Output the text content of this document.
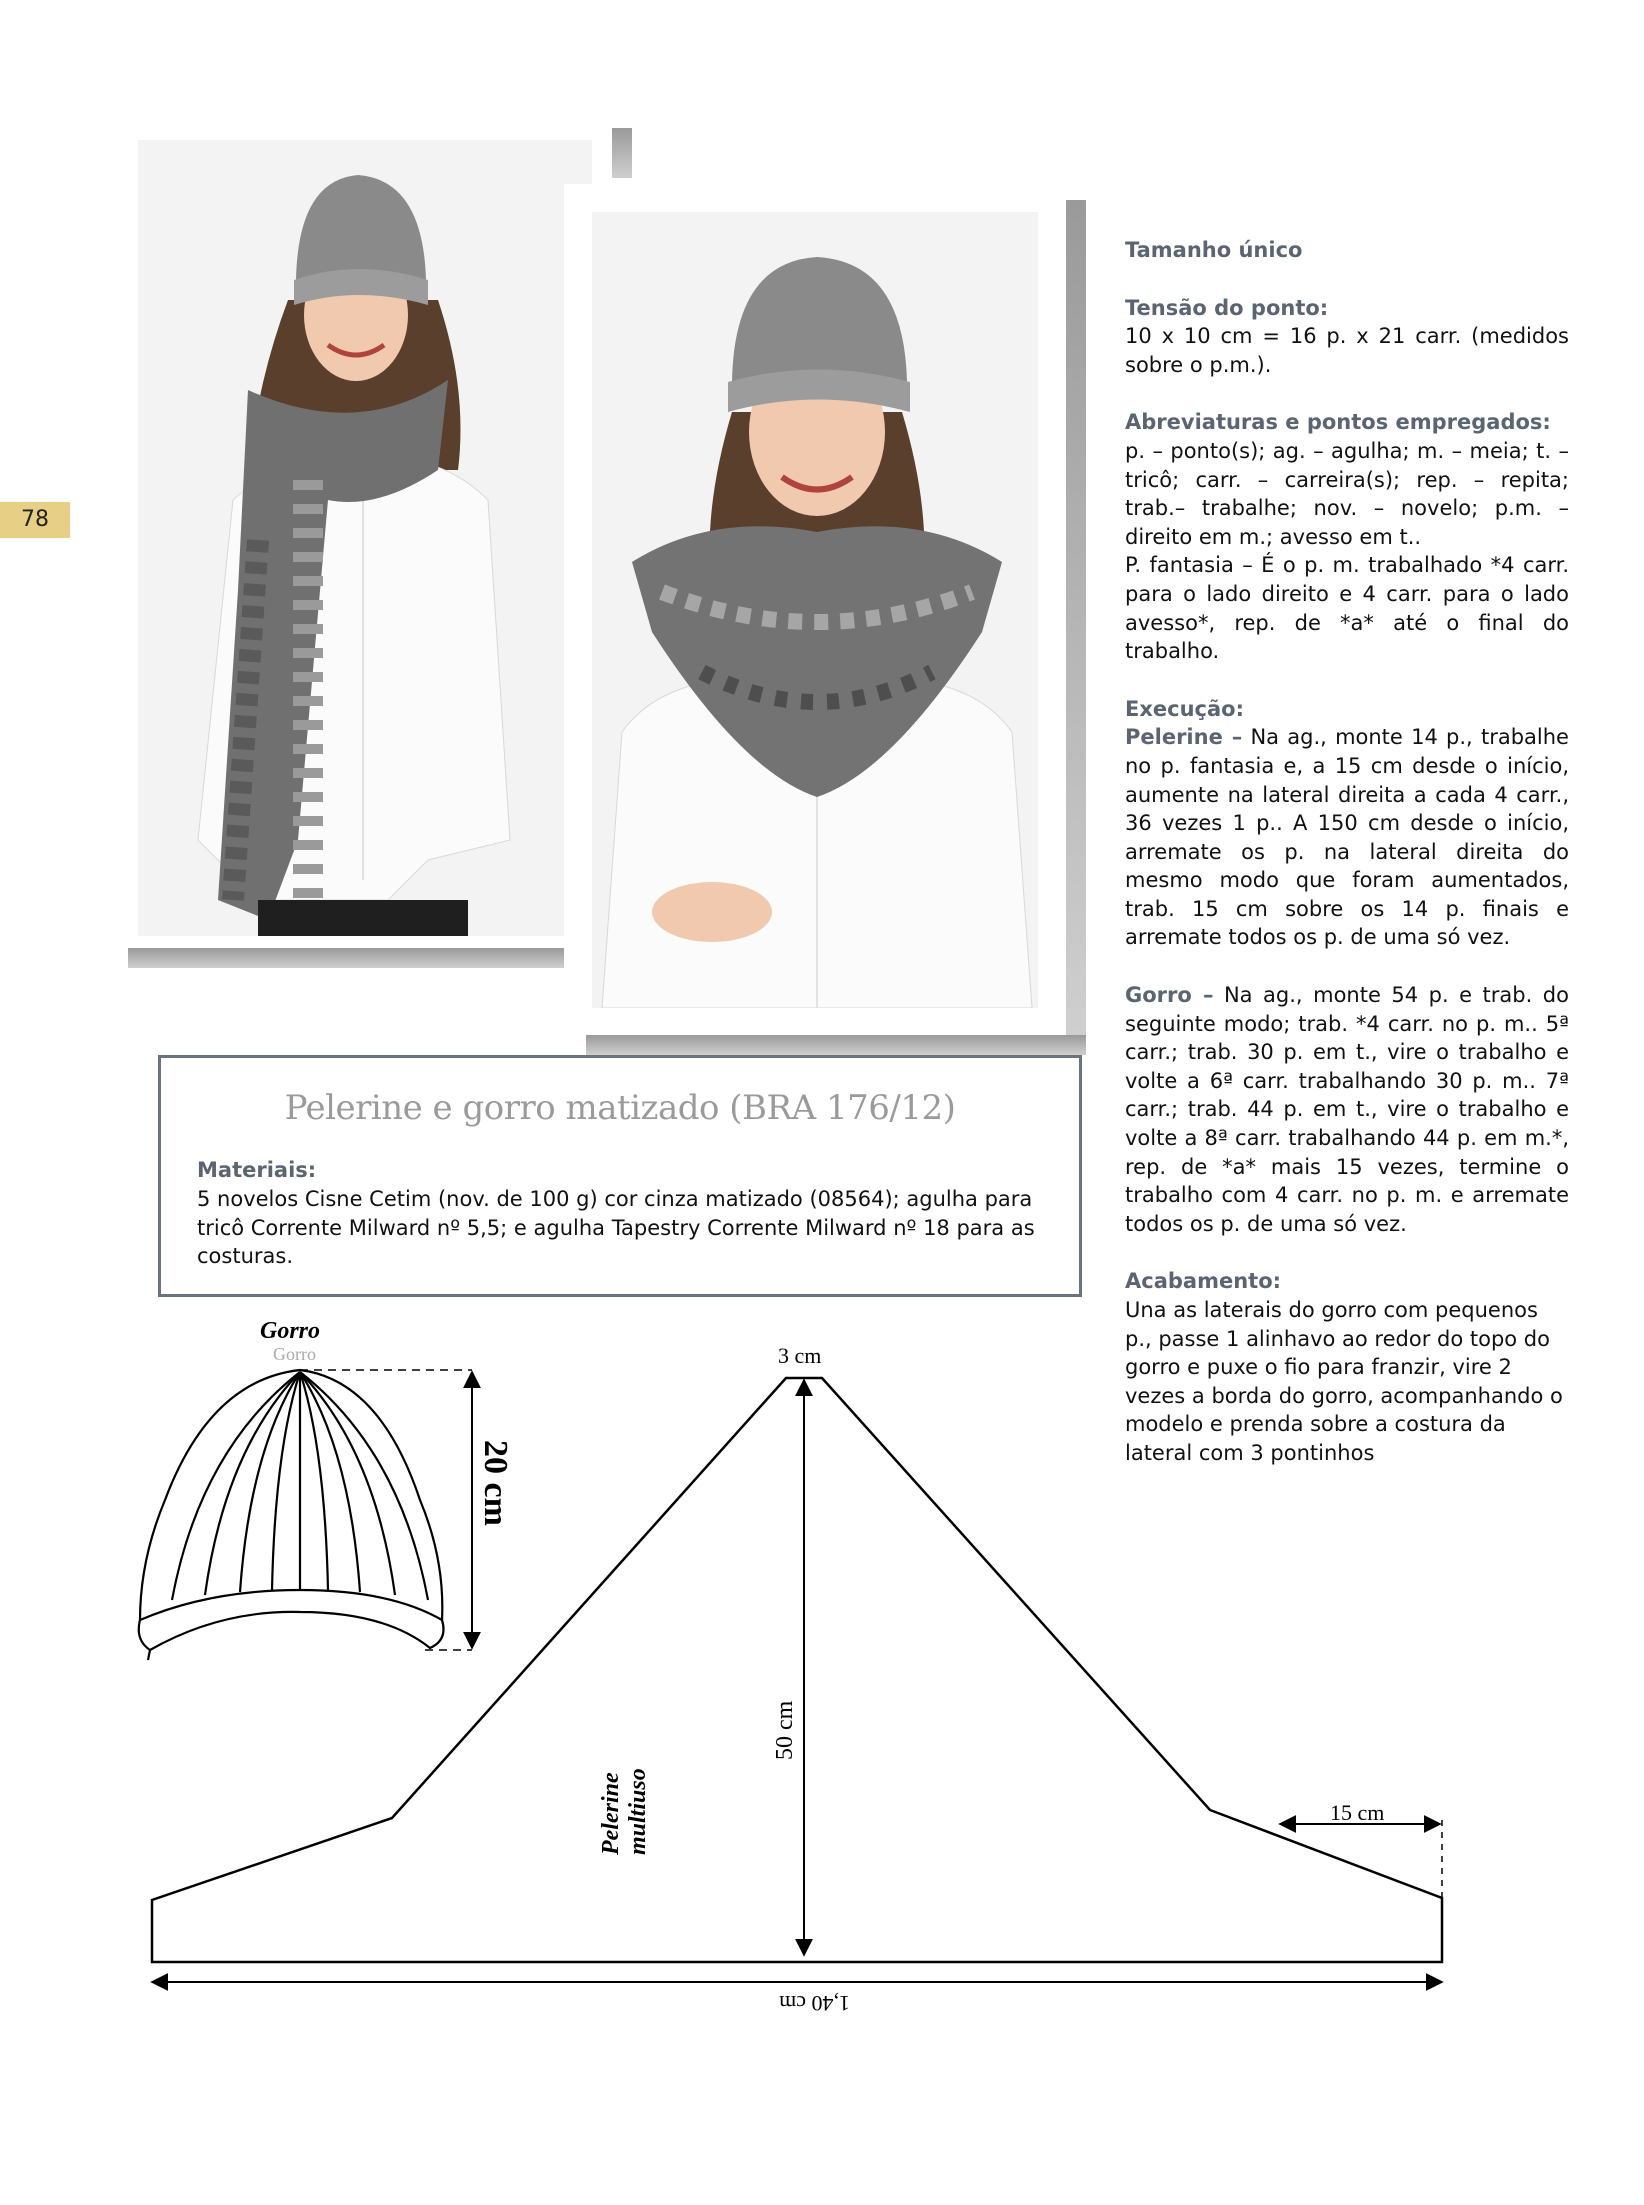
78
Tamanho único
Tensão do ponto:

10 x 10 cm = 16 p. x 21 carr. (medidos sobre o p.m.).

Abreviaturas e pontos empregados:

p. – ponto(s); ag. – agulha; m. – meia; t. – tricô; carr. – carreira(s); rep. – repita; trab.– trabalhe; nov. – novelo; p.m. – direito em m.; avesso em t..

P. fantasia – É o p. m. trabalhado *4 carr. para o lado direito e 4 carr. para o lado avesso*, rep. de *a* até o final do trabalho.

Execução:

Pelerine – Na ag., monte 14 p., trabalhe no p. fantasia e, a 15 cm desde o início, aumente na lateral direita a cada 4 carr., 36 vezes 1 p.. A 150 cm desde o início, arremate os p. na lateral direita do mesmo modo que foram aumentados, trab. 15 cm sobre os 14 p. finais e arremate todos os p. de uma só vez.

Gorro – Na ag., monte 54 p. e trab. do seguinte modo; trab. *4 carr. no p. m.. 5ª carr.; trab. 30 p. em t., vire o trabalho e volte a 6ª carr. trabalhando 30 p. m.. 7ª carr.; trab. 44 p. em t., vire o trabalho e volte a 8ª carr. trabalhando 44 p. em m.*, rep. de *a* mais 15 vezes, termine o trabalho com 4 carr. no p. m. e arremate todos os p. de uma só vez.

Acabamento:

Una as laterais do gorro com pequenos p., passe 1 alinhavo ao redor do topo do gorro e puxe o fio para franzir, vire 2 vezes a borda do gorro, acompanhando o modelo e prenda sobre a costura da lateral com 3 pontinhos

Pelerine e gorro matizado (BRA 176/12)
Materiais:
5 novelos Cisne Cetim (nov. de 100 g) cor cinza matizado (08564); agulha para tricô Corrente Milward nº 5,5; e agulha Tapestry Corrente Milward nº 18 para as costuras.
Gorro
Gorro
20 cm
3 cm
50 cm
15 cm
1,40 cm
Pelerine multiuso
